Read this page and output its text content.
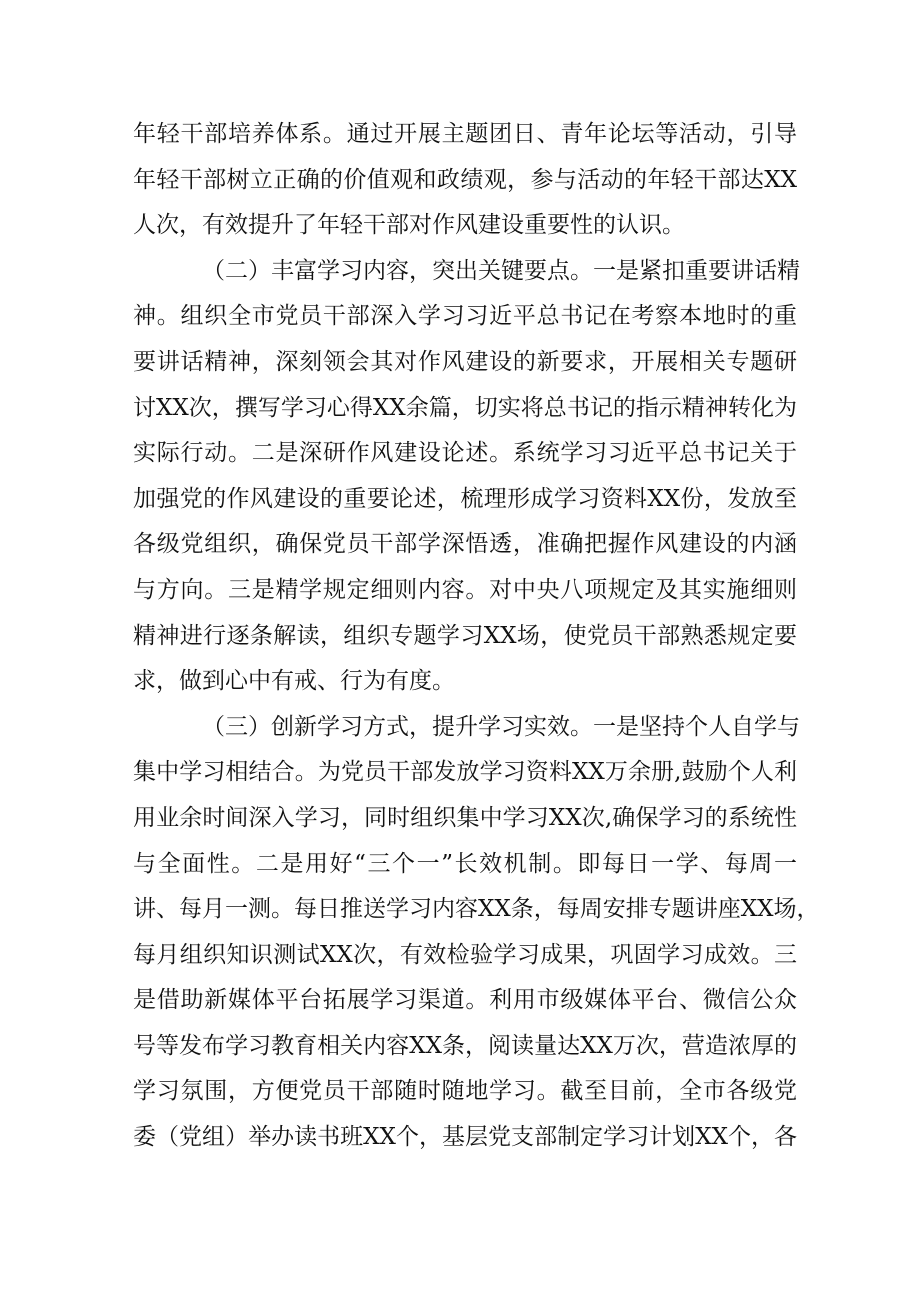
年轻干部培养体系。通过开展主题团日、青年论坛等活动，引导
年轻干部树立正确的价值观和政绩观，参与活动的年轻干部达XX
人次，有效提升了年轻干部对作风建设重要性的认识。
（二）丰富学习内容，突出关键要点。一是紧扣重要讲话精
神。组织全市党员干部深入学习习近平总书记在考察本地时的重
要讲话精神，深刻领会其对作风建设的新要求，开展相关专题研
讨XX次，撰写学习心得XX余篇，切实将总书记的指示精神转化为
实际行动。二是深研作风建设论述。系统学习习近平总书记关于
加强党的作风建设的重要论述，梳理形成学习资料XX份，发放至
各级党组织，确保党员干部学深悟透，准确把握作风建设的内涵
与方向。三是精学规定细则内容。对中央八项规定及其实施细则
精神进行逐条解读，组织专题学习XX场，使党员干部熟悉规定要
求，做到心中有戒、行为有度。
（三）创新学习方式，提升学习实效。一是坚持个人自学与
集中学习相结合。为党员干部发放学习资料XX万余册,鼓励个人利
用业余时间深入学习，同时组织集中学习XX次,确保学习的系统性
与全面性。二是用好“三个一”长效机制。即每日一学、每周一
讲、每月一测。每日推送学习内容XX条，每周安排专题讲座XX场，
每月组织知识测试XX次，有效检验学习成果，巩固学习成效。三
是借助新媒体平台拓展学习渠道。利用市级媒体平台、微信公众
号等发布学习教育相关内容XX条，阅读量达XX万次，营造浓厚的
学习氛围，方便党员干部随时随地学习。截至目前，全市各级党
委（党组）举办读书班XX个，基层党支部制定学习计划XX个，各
